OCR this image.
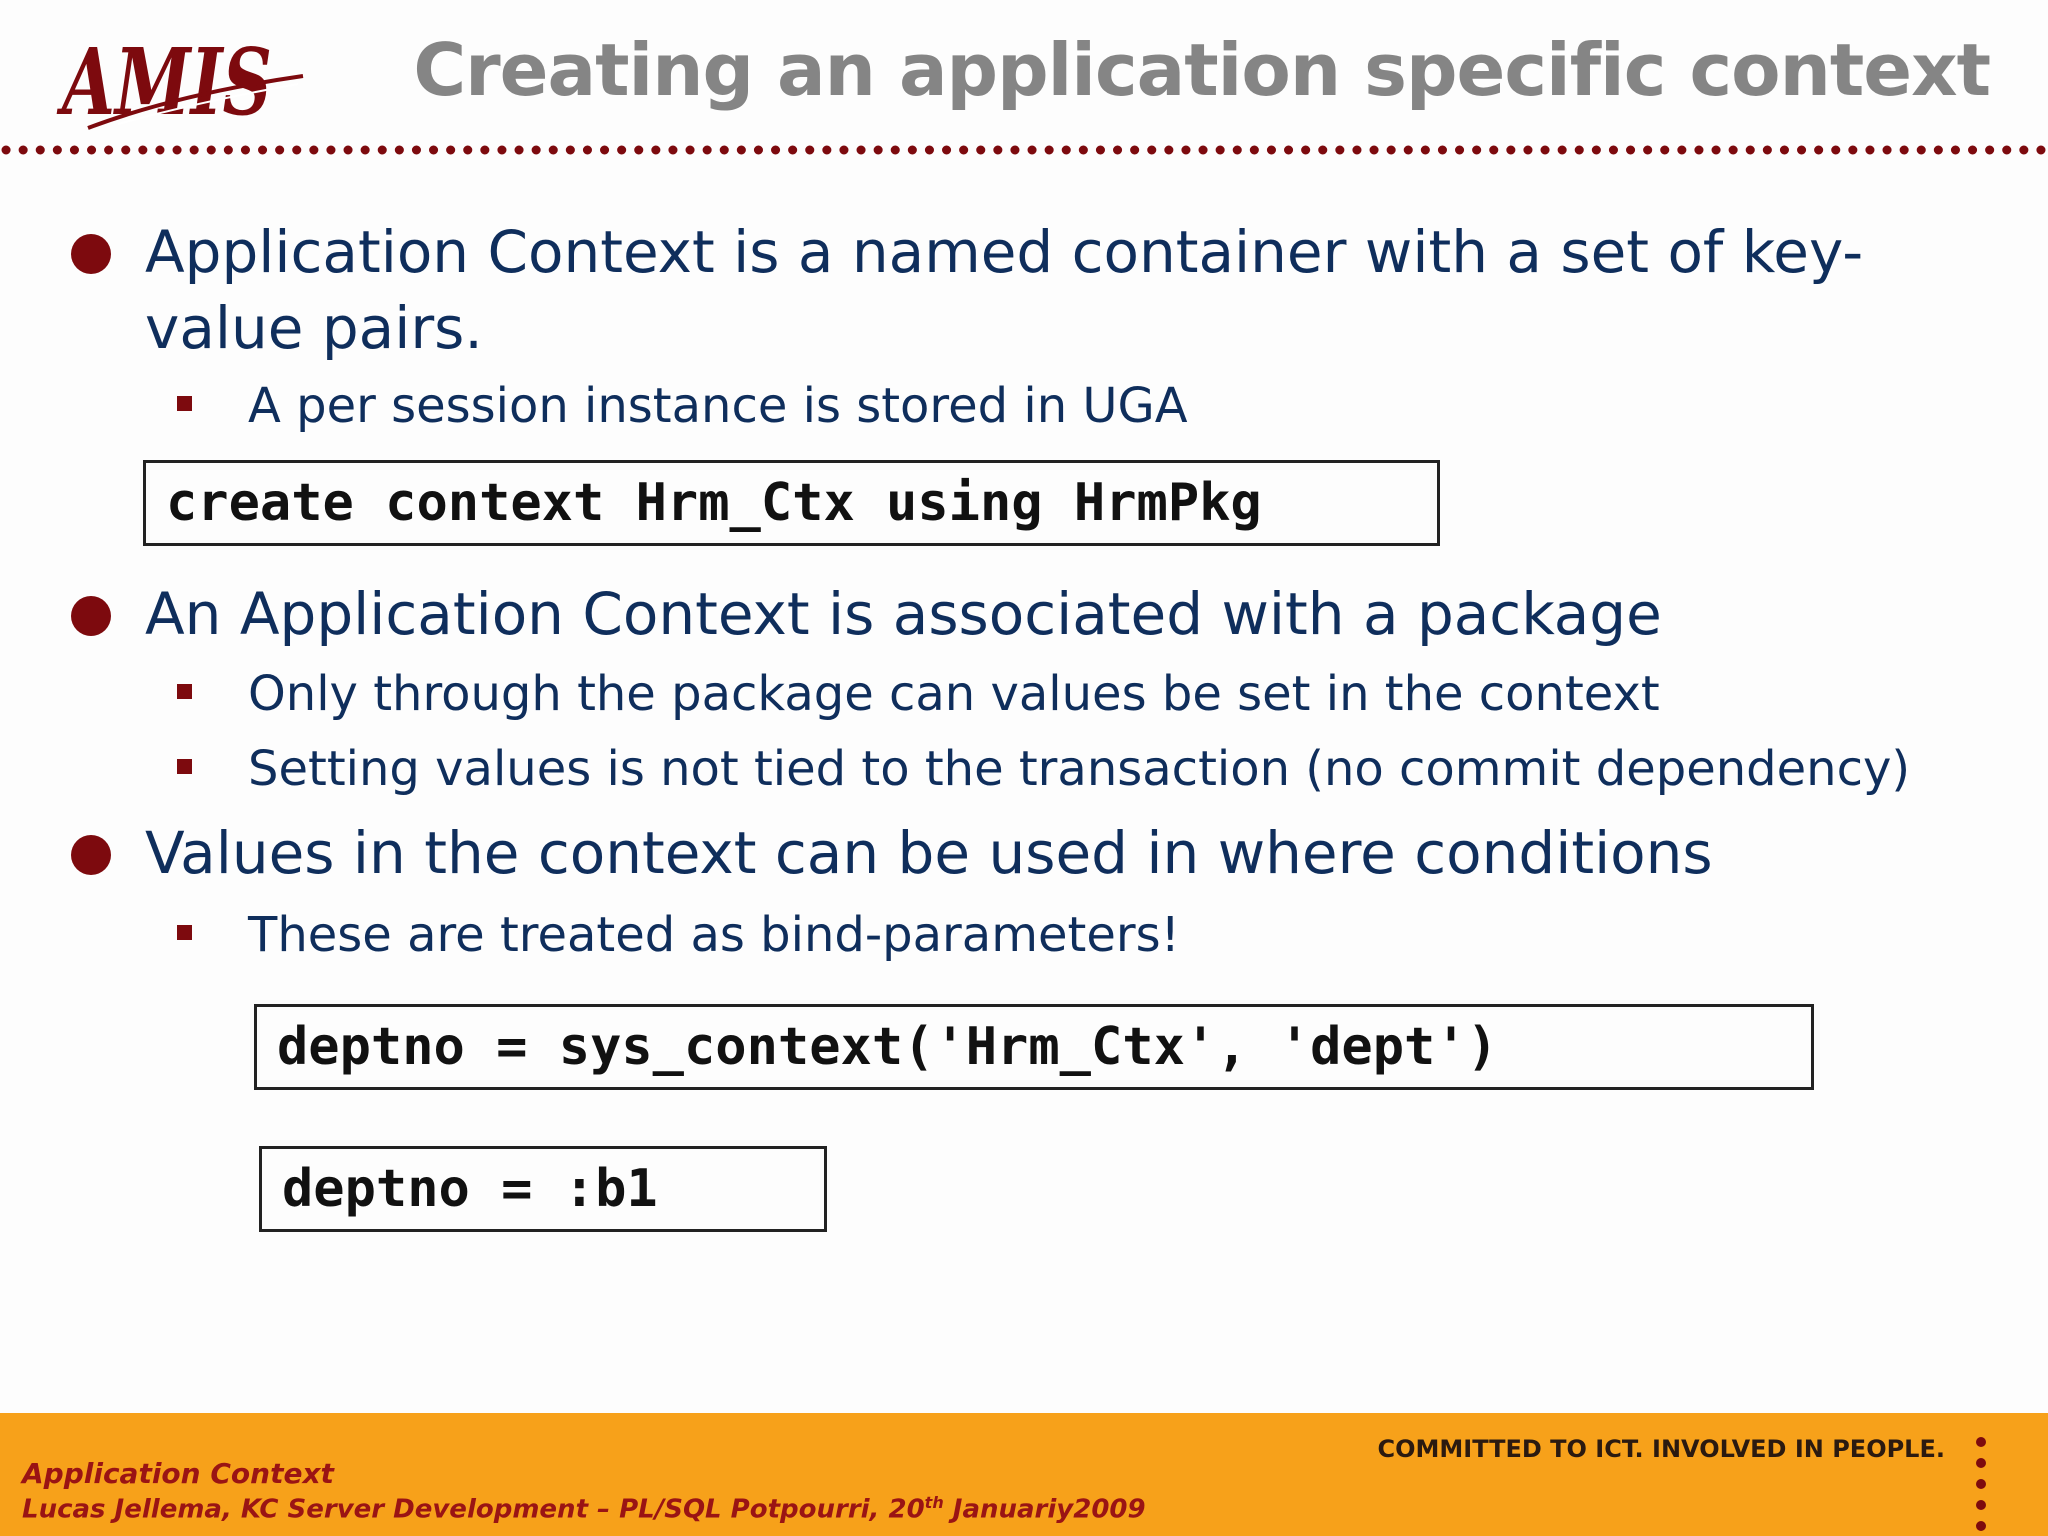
AMIS Creating an application specific context
Application Context is a named container with a set of key-value pairs.
A per session instance is stored in UGA
create context Hrm_Ctx using HrmPkg
An Application Context is associated with a package
Only through the package can values be set in the context
Setting values is not tied to the transaction (no commit dependency)
Values in the context can be used in where conditions
These are treated as bind-parameters!
deptno = sys_context('Hrm_Ctx', 'dept')
deptno = :b1
COMMITTED TO ICT. INVOLVED IN PEOPLE.
Application Context
Lucas Jellema, KC Server Development – PL/SQL Potpourri, 20th Januariy2009
